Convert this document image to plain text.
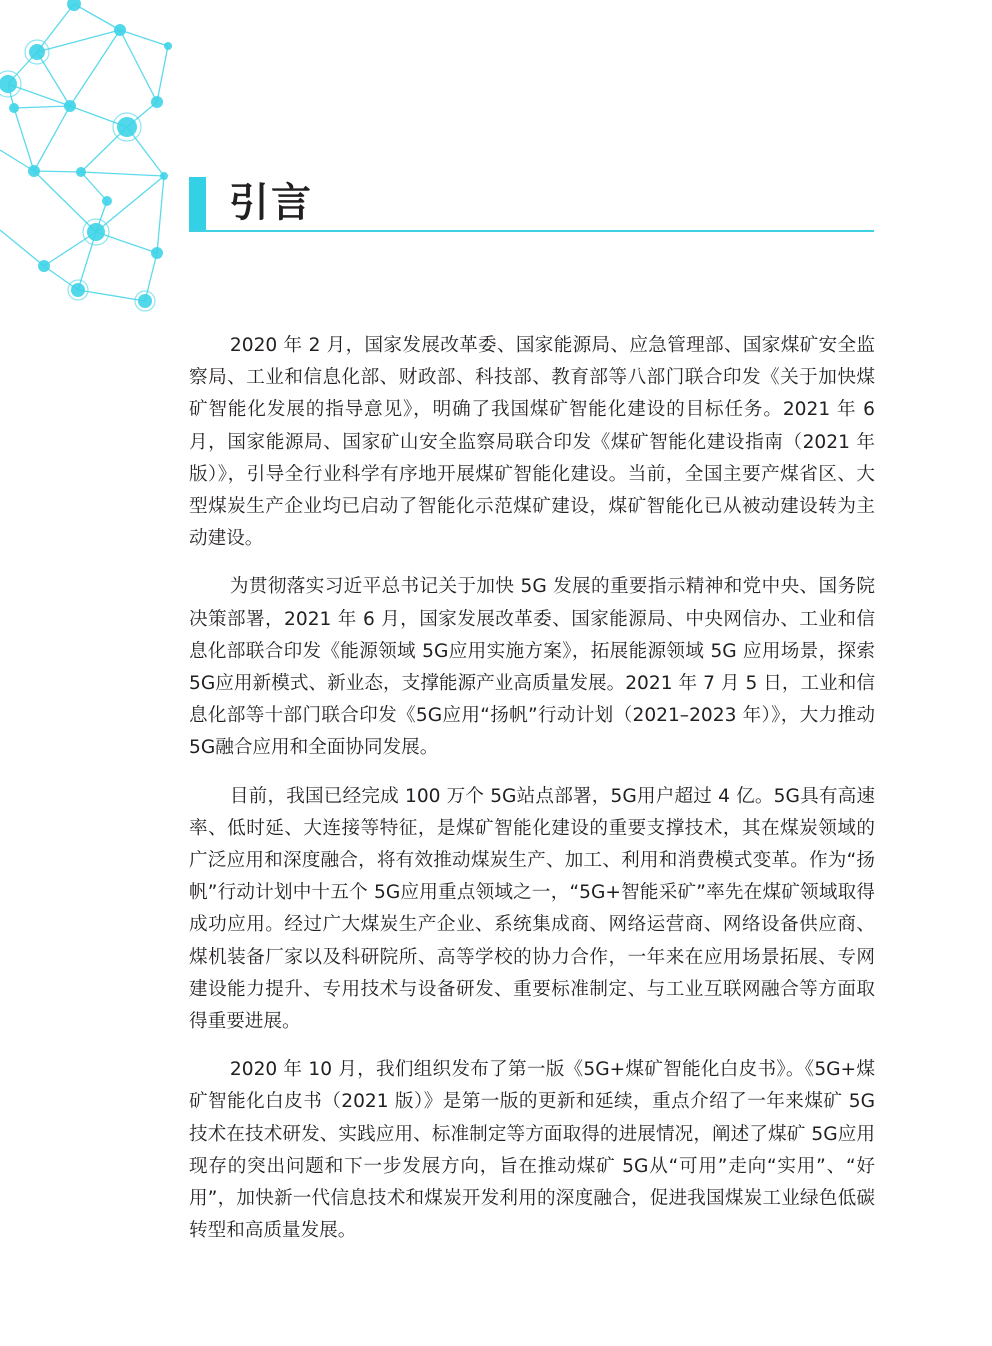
引言

2020 年 2 月，国家发展改革委、国家能源局、应急管理部、国家煤矿安全监察局、工业和信息化部、财政部、科技部、教育部等八部门联合印发《关于加快煤矿智能化发展的指导意见》，明确了我国煤矿智能化建设的目标任务。2021 年 6 月，国家能源局、国家矿山安全监察局联合印发《煤矿智能化建设指南（2021 年版）》，引导全行业科学有序地开展煤矿智能化建设。当前，全国主要产煤省区、大型煤炭生产企业均已启动了智能化示范煤矿建设，煤矿智能化已从被动建设转为主动建设。

为贯彻落实习近平总书记关于加快 5G 发展的重要指示精神和党中央、国务院决策部署，2021 年 6 月，国家发展改革委、国家能源局、中央网信办、工业和信息化部联合印发《能源领域 5G应用实施方案》，拓展能源领域 5G 应用场景，探索 5G应用新模式、新业态，支撑能源产业高质量发展。2021 年 7 月 5 日，工业和信息化部等十部门联合印发《5G应用“扬帆”行动计划（2021–2023 年）》，大力推动 5G融合应用和全面协同发展。

目前，我国已经完成 100 万个 5G站点部署，5G用户超过 4 亿。5G具有高速率、低时延、大连接等特征，是煤矿智能化建设的重要支撑技术，其在煤炭领域的广泛应用和深度融合，将有效推动煤炭生产、加工、利用和消费模式变革。作为“扬帆”行动计划中十五个 5G应用重点领域之一，“5G+智能采矿”率先在煤矿领域取得成功应用。经过广大煤炭生产企业、系统集成商、网络运营商、网络设备供应商、煤机装备厂家以及科研院所、高等学校的协力合作，一年来在应用场景拓展、专网建设能力提升、专用技术与设备研发、重要标准制定、与工业互联网融合等方面取得重要进展。

2020 年 10 月，我们组织发布了第一版《5G+煤矿智能化白皮书》。《5G+煤矿智能化白皮书（2021 版）》是第一版的更新和延续，重点介绍了一年来煤矿 5G技术在技术研发、实践应用、标准制定等方面取得的进展情况，阐述了煤矿 5G应用现存的突出问题和下一步发展方向，旨在推动煤矿 5G从“可用”走向“实用”、“好用”，加快新一代信息技术和煤炭开发利用的深度融合，促进我国煤炭工业绿色低碳转型和高质量发展。
